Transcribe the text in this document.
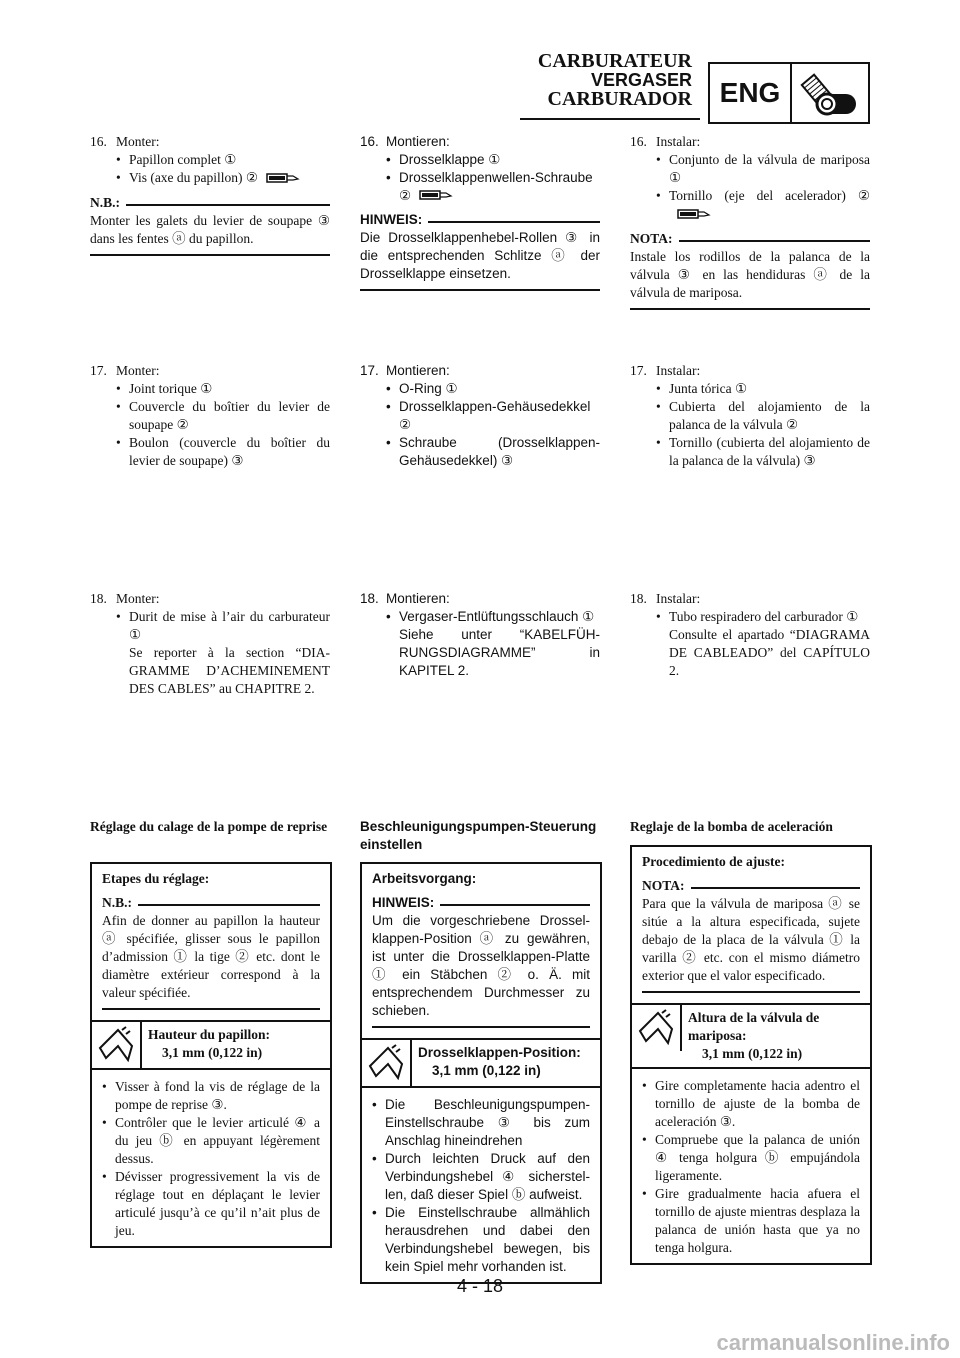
CARBURATEUR
VERGASER
CARBURADOR ENG
16. Monter:
• Papillon complet ①
• Vis (axe du papillon) ②
N.B.:
Monter les galets du levier de soupape ③ dans les fentes ⓐ du papillon.
17. Monter:
• Joint torique ①
• Couvercle du boîtier du levier de soupape ②
• Boulon (couvercle du boîtier du levier de soupape) ③
18. Monter:
• Durit de mise à l’air du carburateur ①
Se reporter à la section “DIAGRAMME D’ACHEMINEMENT DES CABLES” au CHAPITRE 2.
Réglage du calage de la pompe de reprise
Etapes du réglage:
N.B.:
Afin de donner au papillon la hauteur ⓐ spécifiée, glisser sous le papillon d’admission ① la tige ② etc. dont le diamètre extérieur correspond à la valeur spécifiée.
Hauteur du papillon:
3,1 mm (0,122 in)
• Visser à fond la vis de réglage de la pompe de reprise ③.
• Contrôler que le levier articulé ④ a du jeu ⓑ en appuyant légèrement dessus.
• Dévisser progressivement la vis de réglage tout en déplaçant le levier articulé jusqu’à ce qu’il n’ait plus de jeu.
16. Montieren:
• Drosselklappe ①
• Drosselklappenwellen-Schraube ②
HINWEIS:
Die Drosselklappenhebel-Rollen ③ in die entsprechenden Schlitze ⓐ der Drosselklappe einsetzen.
17. Montieren:
• O-Ring ①
• Drosselklappen-Gehäusedekkel ②
• Schraube (Drosselklappen-Gehäusedekkel) ③
18. Montieren:
• Vergaser-Entlüftungsschlauch ①
Siehe unter “KABELFÜHRUNGSDIAGRAMME” in KAPITEL 2.
Beschleunigungspumpen-Steuerung einstellen
Arbeitsvorgang:
HINWEIS:
Um die vorgeschriebene Drosselklappen-Position ⓐ zu gewähren, ist unter die Drosselklappen-Platte ① ein Stäbchen ② o. Ä. mit entsprechendem Durchmesser zu schieben.
Drosselklappen-Position:
3,1 mm (0,122 in)
• Die Beschleunigungspumpen-Einstellschraube ③ bis zum Anschlag hineindrehen
• Durch leichten Druck auf den Verbindungshebel ④ sicherstellen, daß dieser Spiel ⓑ aufweist.
• Die Einstellschraube allmählich herausdrehen und dabei den Verbindungshebel bewegen, bis kein Spiel mehr vorhanden ist.
16. Instalar:
• Conjunto de la válvula de mariposa ①
• Tornillo (eje del acelerador) ②
NOTA:
Instale los rodillos de la palanca de la válvula ③ en las hendiduras ⓐ de la válvula de mariposa.
17. Instalar:
• Junta tórica ①
• Cubierta del alojamiento de la palanca de la válvula ②
• Tornillo (cubierta del alojamiento de la palanca de la válvula) ③
18. Instalar:
• Tubo respiradero del carburador ①
Consulte el apartado “DIAGRAMA DE CABLEADO” del CAPÍTULO 2.
Reglaje de la bomba de aceleración
Procedimiento de ajuste:
NOTA:
Para que la válvula de mariposa ⓐ se sitúe a la altura especificada, sujete debajo de la placa de la válvula ① la varilla ② etc. con el mismo diámetro exterior que el valor especificado.
Altura de la válvula de mariposa:
3,1 mm (0,122 in)
• Gire completamente hacia adentro el tornillo de ajuste de la bomba de aceleración ③.
• Compruebe que la palanca de unión ④ tenga holgura ⓑ empujándola ligeramente.
• Gire gradualmente hacia afuera el tornillo de ajuste mientras desplaza la palanca de unión hasta que ya no tenga holgura.
4 - 18
carmanualsonline.info
